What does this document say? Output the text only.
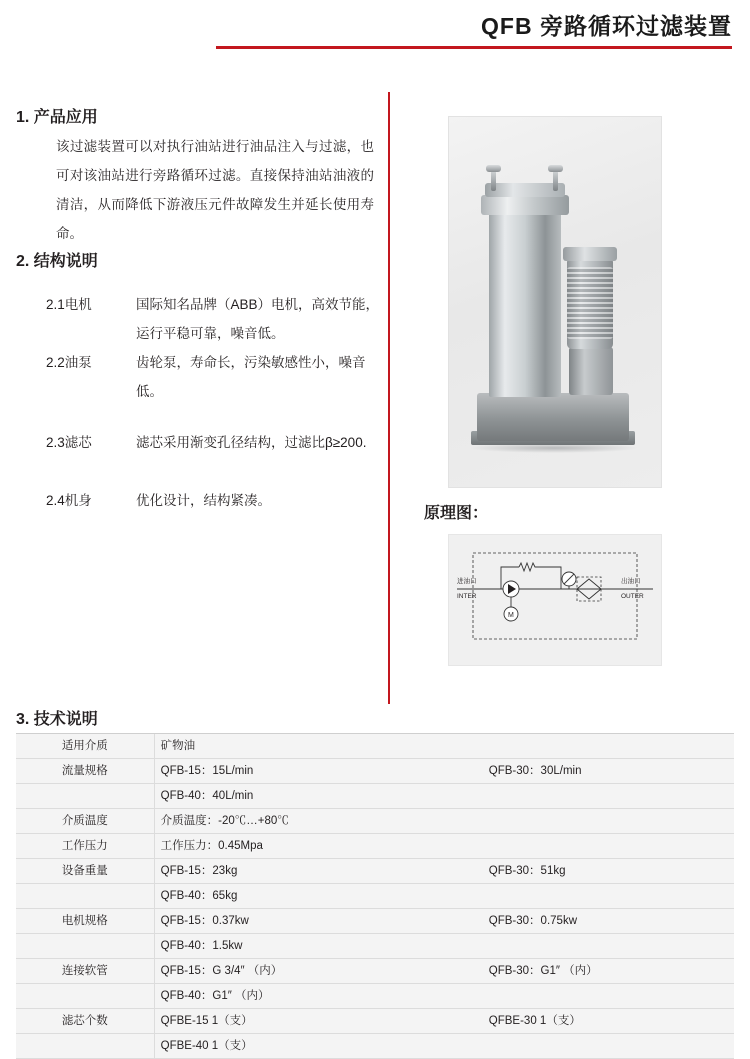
QFB 旁路循环过滤装置
1. 产品应用
该过滤装置可以对执行油站进行油品注入与过滤，也可对该油站进行旁路循环过滤。直接保持油站油液的清洁，从而降低下游液压元件故障发生并延长使用寿命。
2. 结构说明
2.1电机	国际知名品牌（ABB）电机，高效节能，运行平稳可靠，噪音低。
2.2油泵	齿轮泵，寿命长，污染敏感性小，噪音低。
2.3滤芯	滤芯采用渐变孔径结构，过滤比β≥200.
2.4机身	优化设计，结构紧凑。
原理图：
进油口
INTER
出油口
OUTER
M
3. 技术说明
适用介质	矿物油	
流量规格	QFB-15：15L/min	QFB-30：30L/min
	QFB-40：40L/min	
介质温度	介质温度：-20℃…+80℃	
工作压力	工作压力：0.45Mpa	
设备重量	QFB-15：23kg	QFB-30：51kg
	QFB-40：65kg	
电机规格	QFB-15：0.37kw	QFB-30：0.75kw
	QFB-40：1.5kw	
连接软管	QFB-15：G 3/4″ （内）	QFB-30：G1″ （内）
	QFB-40：G1″ （内）	
滤芯个数	QFBE-15 1（支）	QFBE-30 1（支）
	QFBE-40 1（支）	
